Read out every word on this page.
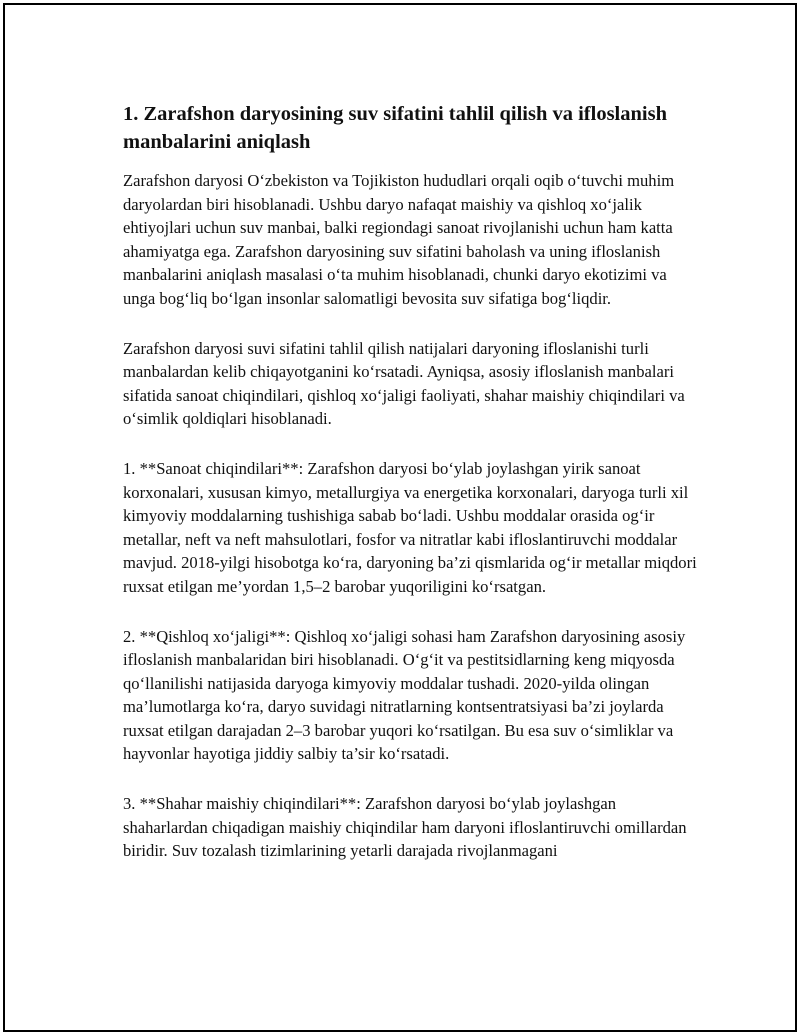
1. Zarafshon daryosining suv sifatini tahlil qilish va ifloslanish manbalarini aniqlash

Zarafshon daryosi O‘zbekiston va Tojikiston hududlari orqali oqib o‘tuvchi muhim daryolardan biri hisoblanadi. Ushbu daryo nafaqat maishiy va qishloq xo‘jalik ehtiyojlari uchun suv manbai, balki regiondagi sanoat rivojlanishi uchun ham katta ahamiyatga ega. Zarafshon daryosining suv sifatini baholash va uning ifloslanish manbalarini aniqlash masalasi o‘ta muhim hisoblanadi, chunki daryo ekotizimi va unga bog‘liq bo‘lgan insonlar salomatligi bevosita suv sifatiga bog‘liqdir.

Zarafshon daryosi suvi sifatini tahlil qilish natijalari daryoning ifloslanishi turli manbalardan kelib chiqayotganini ko‘rsatadi. Ayniqsa, asosiy ifloslanish manbalari sifatida sanoat chiqindilari, qishloq xo‘jaligi faoliyati, shahar maishiy chiqindilari va o‘simlik qoldiqlari hisoblanadi.

1. **Sanoat chiqindilari**: Zarafshon daryosi bo‘ylab joylashgan yirik sanoat korxonalari, xususan kimyo, metallurgiya va energetika korxonalari, daryoga turli xil kimyoviy moddalarning tushishiga sabab bo‘ladi. Ushbu moddalar orasida og‘ir metallar, neft va neft mahsulotlari, fosfor va nitratlar kabi ifloslantiruvchi moddalar mavjud. 2018-yilgi hisobotga ko‘ra, daryoning ba’zi qismlarida og‘ir metallar miqdori ruxsat etilgan me’yordan 1,5–2 barobar yuqoriligini ko‘rsatgan.

2. **Qishloq xo‘jaligi**: Qishloq xo‘jaligi sohasi ham Zarafshon daryosining asosiy ifloslanish manbalaridan biri hisoblanadi. O‘g‘it va pestitsidlarning keng miqyosda qo‘llanilishi natijasida daryoga kimyoviy moddalar tushadi. 2020-yilda olingan ma’lumotlarga ko‘ra, daryo suvidagi nitratlarning kontsentratsiyasi ba’zi joylarda ruxsat etilgan darajadan 2–3 barobar yuqori ko‘rsatilgan. Bu esa suv o‘simliklar va hayvonlar hayotiga jiddiy salbiy ta’sir ko‘rsatadi.

3. **Shahar maishiy chiqindilari**: Zarafshon daryosi bo‘ylab joylashgan shaharlardan chiqadigan maishiy chiqindilar ham daryoni ifloslantiruvchi omillardan biridir. Suv tozalash tizimlarining yetarli darajada rivojlanmagani
